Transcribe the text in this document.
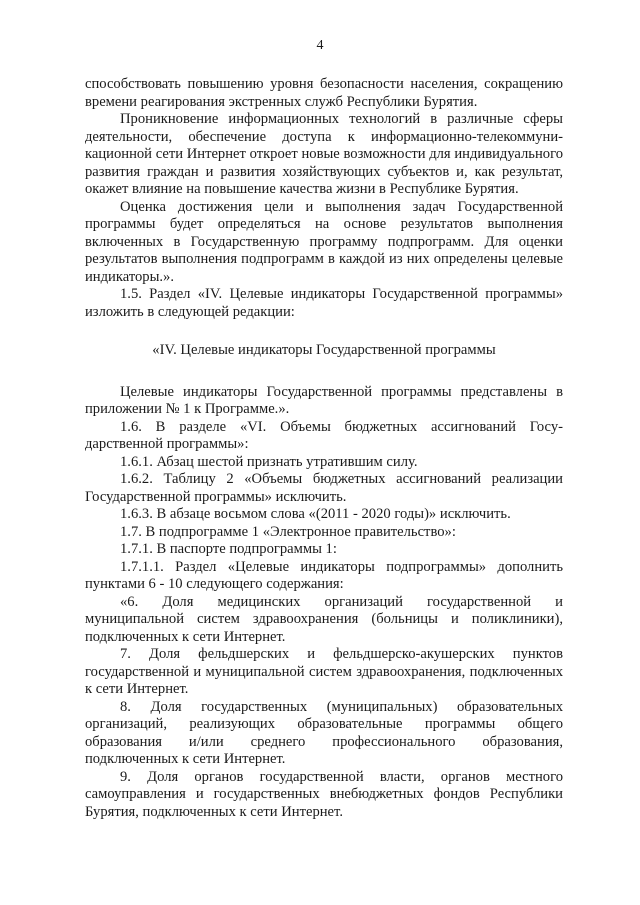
4

способствовать повышению уровня безопасности населения, сокращению времени реагирования экстренных служб Республики Бурятия.

Проникновение информационных технологий в различные сферы деятельности, обеспечение доступа к информационно-телекоммуни-кационной сети Интернет откроет новые возможности для индивидуального развития граждан и развития хозяйствующих субъектов и, как результат, окажет влияние на повышение качества жизни в Республике Бурятия.

Оценка достижения цели и выполнения задач Государственной программы будет определяться на основе результатов выполнения включенных в Государственную программу подпрограмм. Для оценки результатов выполнения подпрограмм в каждой из них определены целевые индикаторы.».

1.5. Раздел «IV. Целевые индикаторы Государственной программы» изложить в следующей редакции:

«IV. Целевые индикаторы Государственной программы

Целевые индикаторы Государственной программы представлены в приложении № 1 к Программе.».

1.6. В разделе «VI. Объемы бюджетных ассигнований Госу-дарственной программы»:

1.6.1. Абзац шестой признать утратившим силу.

1.6.2. Таблицу 2 «Объемы бюджетных ассигнований реализации Государственной программы» исключить.

1.6.3. В абзаце восьмом слова «(2011 - 2020 годы)» исключить.

1.7. В подпрограмме 1 «Электронное правительство»:

1.7.1. В паспорте подпрограммы 1:

1.7.1.1. Раздел «Целевые индикаторы подпрограммы» дополнить пунктами 6 - 10 следующего содержания:

«6. Доля медицинских организаций государственной и муниципальной систем здравоохранения (больницы и поликлиники), подключенных к сети Интернет.

7. Доля фельдшерских и фельдшерско-акушерских пунктов государственной и муниципальной систем здравоохранения, подключенных к сети Интернет.

8. Доля государственных (муниципальных) образовательных организаций, реализующих образовательные программы общего образования и/или среднего профессионального образования, подключенных к сети Интернет.

9. Доля органов государственной власти, органов местного самоуправления и государственных внебюджетных фондов Республики Бурятия, подключенных к сети Интернет.
